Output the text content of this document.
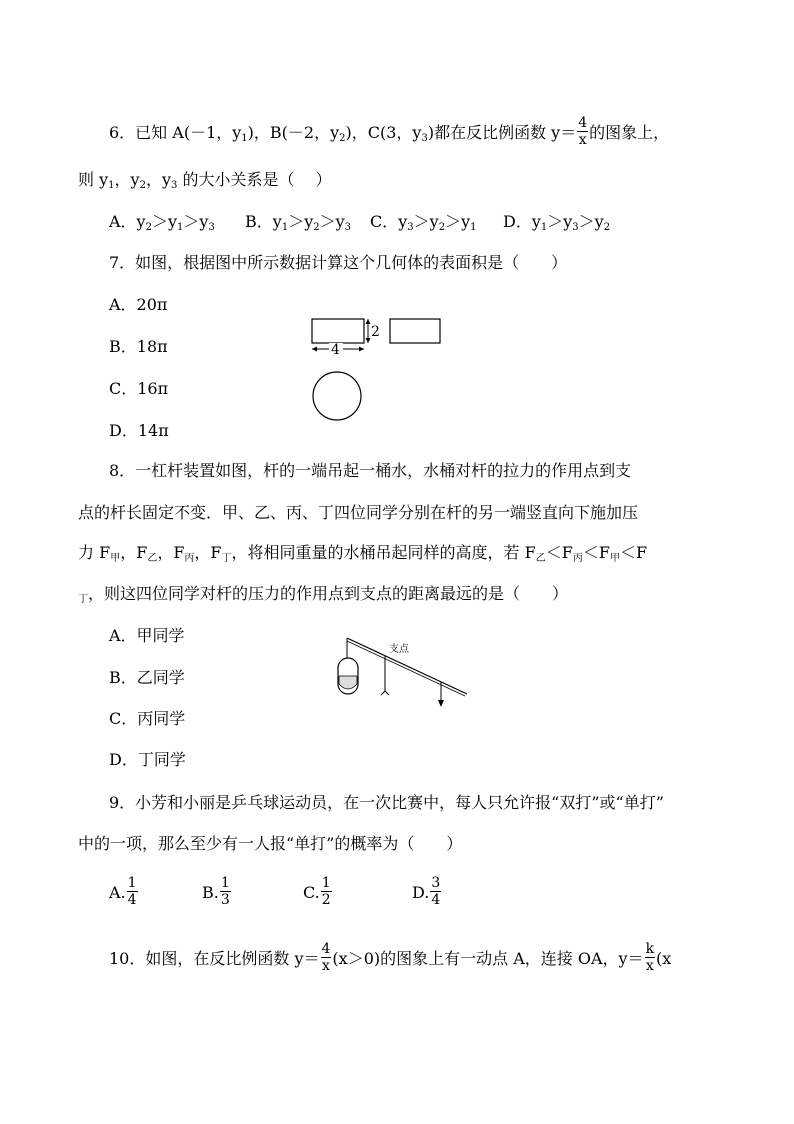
6．已知 A(－1，$y_1$)，B(－2，$y_2$)，C(3，$y_3$)都在反比例函数 $y= \frac{4}{x}$ 的图象上，
则 $y_1$，$y_2$，$y_3$ 的大小关系是（　 ）
A．$y_2>y_1>y_3$ B．$y_1>y_2>y_3$ C．$y_3>y_2>y_1$ D．$y_1>y_3>y_2$
7．如图，根据图中所示数据计算这个几何体的表面积是（　　）
A．20π
B．18π
C．16π
D．14π
2
4
8．一杠杆装置如图，杆的一端吊起一桶水，水桶对杆的拉力的作用点到支
点的杆长固定不变．甲、乙、丙、丁四位同学分别在杆的另一端竖直向下施加压
力 $F_甲$，$F_乙$，$F_丙$，$F_丁$，将相同重量的水桶吊起同样的高度，若 $F_乙<F_丙<F_甲<F$
$_丁$，则这四位同学对杆的压力的作用点到支点的距离最远的是（　　）
A．甲同学
B．乙同学
C．丙同学
D．丁同学
支点
9．小芳和小丽是乒乓球运动员，在一次比赛中，每人只允许报“双打”或“单打”
中的一项，那么至少有一人报“单打”的概率为（　　）
A. $\frac{1}{4}$	B. $\frac{1}{3}$	C. $\frac{1}{2}$	D. $\frac{3}{4}$
10．如图，在反比例函数 $y= \frac{4}{x} (x>0)$的图象上有一动点 A，连接 OA，$y= \frac{k}{x} (x$
